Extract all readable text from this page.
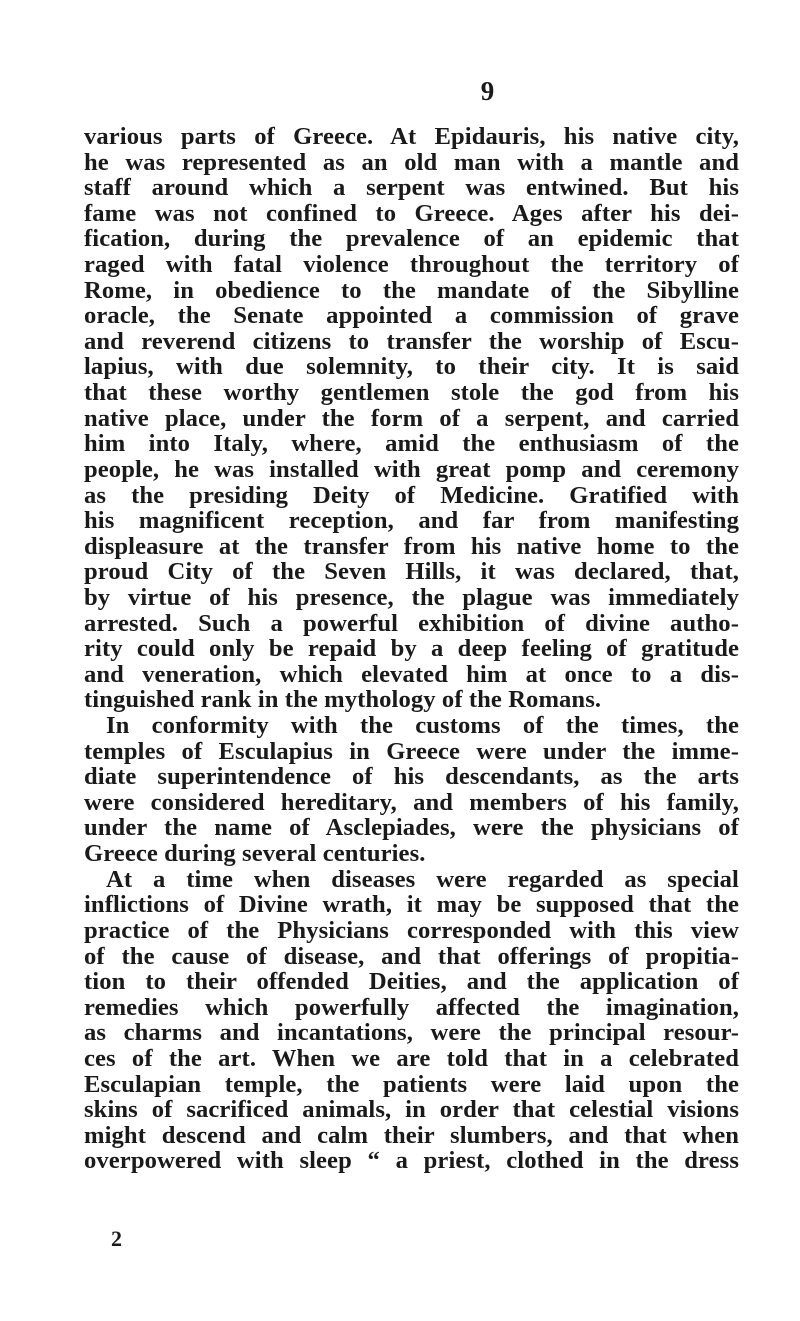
9
various parts of Greece. At Epidauris, his native city,
he was represented as an old man with a mantle and
staff around which a serpent was entwined. But his
fame was not confined to Greece. Ages after his dei-
fication, during the prevalence of an epidemic that
raged with fatal violence throughout the territory of
Rome, in obedience to the mandate of the Sibylline
oracle, the Senate appointed a commission of grave
and reverend citizens to transfer the worship of Escu-
lapius, with due solemnity, to their city. It is said
that these worthy gentlemen stole the god from his
native place, under the form of a serpent, and carried
him into Italy, where, amid the enthusiasm of the
people, he was installed with great pomp and ceremony
as the presiding Deity of Medicine. Gratified with
his magnificent reception, and far from manifesting
displeasure at the transfer from his native home to the
proud City of the Seven Hills, it was declared, that,
by virtue of his presence, the plague was immediately
arrested. Such a powerful exhibition of divine autho-
rity could only be repaid by a deep feeling of gratitude
and veneration, which elevated him at once to a dis-
tinguished rank in the mythology of the Romans.
In conformity with the customs of the times, the
temples of Esculapius in Greece were under the imme-
diate superintendence of his descendants, as the arts
were considered hereditary, and members of his family,
under the name of Asclepiades, were the physicians of
Greece during several centuries.
At a time when diseases were regarded as special
inflictions of Divine wrath, it may be supposed that the
practice of the Physicians corresponded with this view
of the cause of disease, and that offerings of propitia-
tion to their offended Deities, and the application of
remedies which powerfully affected the imagination,
as charms and incantations, were the principal resour-
ces of the art. When we are told that in a celebrated
Esculapian temple, the patients were laid upon the
skins of sacrificed animals, in order that celestial visions
might descend and calm their slumbers, and that when
overpowered with sleep “ a priest, clothed in the dress
2
